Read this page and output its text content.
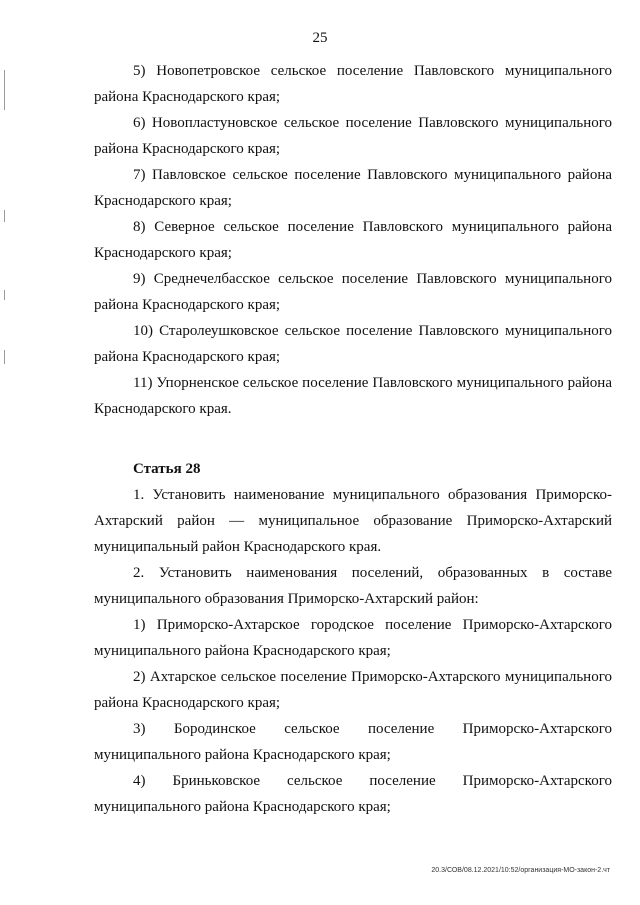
25

5) Новопетровское сельское поселение Павловского муниципального района Краснодарского края;

6) Новопластуновское сельское поселение Павловского муниципального района Краснодарского края;

7) Павловское сельское поселение Павловского муниципального района Краснодарского края;

8) Северное сельское поселение Павловского муниципального района Краснодарского края;

9) Среднечелбасское сельское поселение Павловского муниципального района Краснодарского края;

10) Старолеушковское сельское поселение Павловского муниципального района Краснодарского края;

11) Упорненское сельское поселение Павловского муниципального района Краснодарского края.

Статья 28

1. Установить наименование муниципального образования Приморско-Ахтарский район — муниципальное образование Приморско-Ахтарский муниципальный район Краснодарского края.

2. Установить наименования поселений, образованных в составе муниципального образования Приморско-Ахтарский район:

1) Приморско-Ахтарское городское поселение Приморско-Ахтарского муниципального района Краснодарского края;

2) Ахтарское сельское поселение Приморско-Ахтарского муниципального района Краснодарского края;

3) Бородинское сельское поселение Приморско-Ахтарского муниципального района Краснодарского края;

4) Бриньковское сельское поселение Приморско-Ахтарского муниципального района Краснодарского края;

20.3/СОВ/08.12.2021/10:52/организация-МО-закон-2.чт
